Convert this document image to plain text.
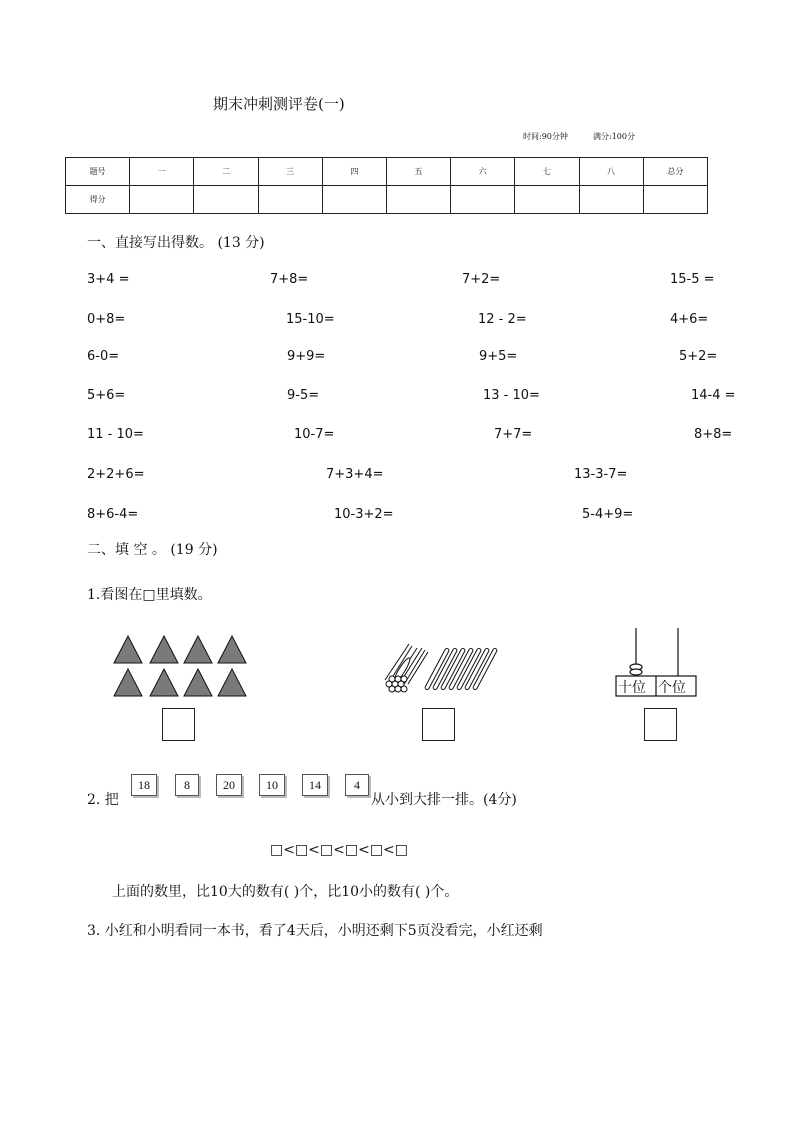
期末冲刺测评卷(一)
时间:90分钟	满分:100分
题号	一	二	三	四	五	六	七	八	总分
得分									
一、直接写出得数。 (13 分)
3+4 =	7+8=	7+2=	15-5 =
0+8=	15-10=	12 - 2=	4+6=
6-0=	9+9=	9+5=	5+2=
5+6=	9-5=	13 - 10=	14-4 =
11 - 10=	10-7=	7+7=	8+8=
2+2+6=	7+3+4=	13-3-7=
8+6-4=	10-3+2=	5-4+9=
二、填 空 。 (19 分)
1.看图在□里填数。
十位 个位
2. 把
18	8	20	10	14	4
从小到大排一排。(4分)
□<□<□<□<□<□
上面的数里，比10大的数有( )个，比10小的数有( )个。
3. 小红和小明看同一本书，看了4天后，小明还剩下5页没看完，小红还剩
